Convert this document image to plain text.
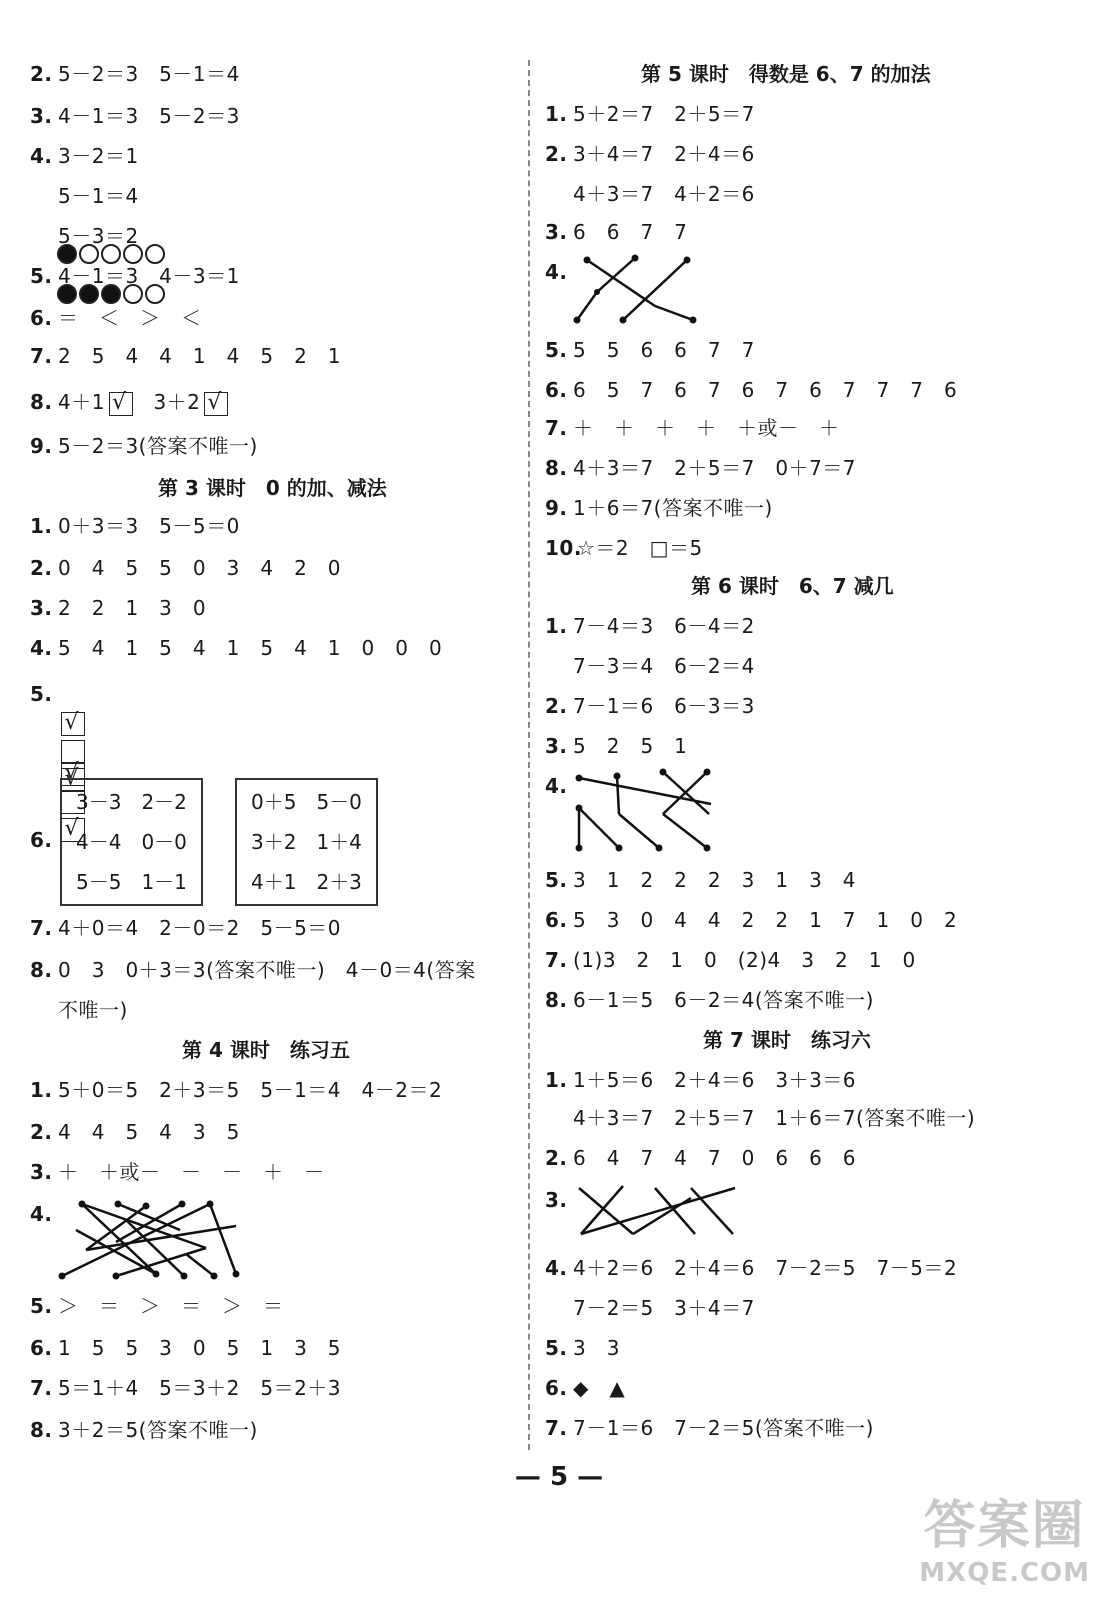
2. 5－2＝3　5－1＝4
3. 4－1＝3　5－2＝3
4. 3－2＝1
5－1＝4

5－3＝2

5. 4－1＝3　4－3＝1
6. ＝　＜　＞　＜
7. 2　5　4　4　1　4　5　2　1
8. 4＋1 √　 3＋2 √
9. 5－2＝3(答案不唯一)
第 3 课时　0 的加、减法
1. 0＋3＝3　5－5＝0
2. 0　4　5　5　0　3　4　2　0
3. 2　2　1　3　0
4. 5　4　1　5　4　1　5　4　1　0　0　0
5.
√

√

√

√

6.
3－3　2－2
4－4　0－0
5－5　1－1
0＋5　5－0
3＋2　1＋4
4＋1　2＋3
7. 4＋0＝4　2－0＝2　5－5＝0
8. 0　3　0＋3＝3(答案不唯一)　4－0＝4(答案
不唯一)
第 4 课时　练习五
1. 5＋0＝5　2＋3＝5　5－1＝4　4－2＝2
2. 4　4　5　4　3　5
3. ＋　＋或－　－　－　＋　－
4.
5. ＞　＝　＞　＝　＞　＝
6. 1　5　5　3　0　5　1　3　5
7. 5＝1＋4　5＝3＋2　5＝2＋3
8. 3＋2＝5(答案不唯一)
第 5 课时　得数是 6、7 的加法
1. 5＋2＝7　2＋5＝7
2. 3＋4＝7　2＋4＝6
4＋3＝7　4＋2＝6
3. 6　6　7　7
4.
5. 5　5　6　6　7　7
6. 6　5　7　6　7　6　7　6　7　7　7　6
7. ＋　＋　＋　＋　＋或－　＋
8. 4＋3＝7　2＋5＝7　0＋7＝7
9. 1＋6＝7(答案不唯一)
10.☆＝2　□＝5
第 6 课时　6、7 减几
1. 7－4＝3　6－4＝2
7－3＝4　6－2＝4
2. 7－1＝6　6－3＝3
3. 5　2　5　1
4.
5. 3　1　2　2　2　3　1　3　4
6. 5　3　0　4　4　2　2　1　7　1　0　2
7. (1)3　2　1　0　(2)4　3　2　1　0
8. 6－1＝5　6－2＝4(答案不唯一)
第 7 课时　练习六
1. 1＋5＝6　2＋4＝6　3＋3＝6
4＋3＝7　2＋5＝7　1＋6＝7(答案不唯一)
2. 6　4　7　4　7　0　6　6　6
3.
4. 4＋2＝6　2＋4＝6　7－2＝5　7－5＝2
7－2＝5　3＋4＝7
5. 3　3
6. ◆　▲
7. 7－1＝6　7－2＝5(答案不唯一)
— 5 —
答案圈
MXQE.COM
